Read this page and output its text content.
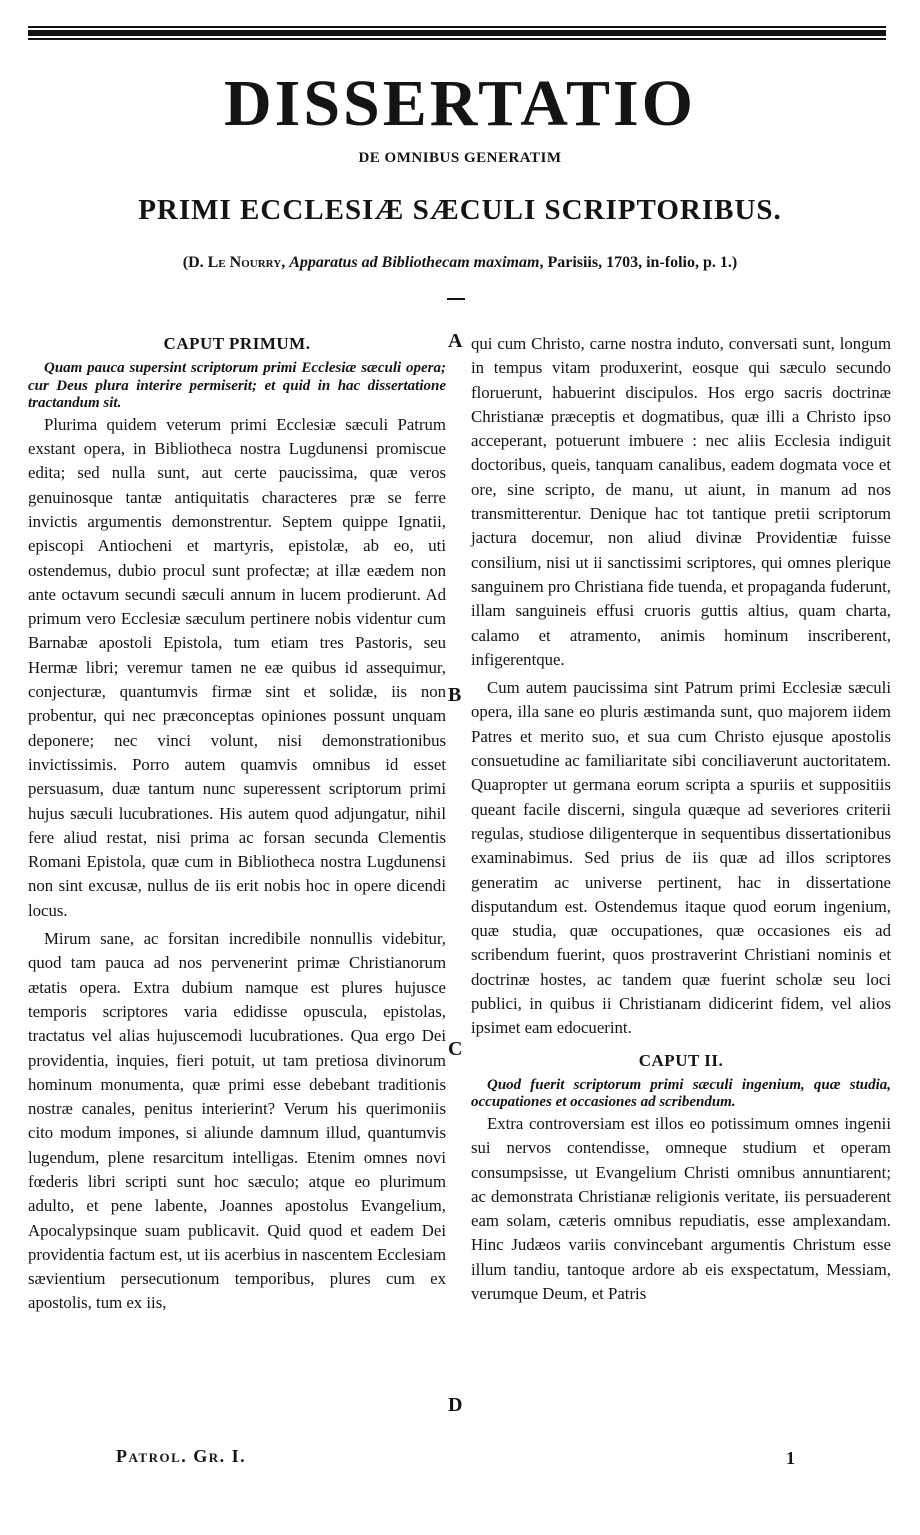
DISSERTATIO
DE OMNIBUS GENERATIM
PRIMI ECCLESIÆ SÆCULI SCRIPTORIBUS.
(D. Le Nourry, Apparatus ad Bibliothecam maximam, Parisiis, 1703, in-folio, p. 1.)
CAPUT PRIMUM.

Quam pauca supersint scriptorum primi Ecclesiæ sæculi opera; cur Deus plura interire permiserit; et quid in hac dissertatione tractandum sit.

Plurima quidem veterum primi Ecclesiæ sæculi Patrum exstant opera, in Bibliotheca nostra Lugdunensi promiscue edita; sed nulla sunt, aut certe paucissima, quæ veros genuinosque tantæ antiquitatis characteres præ se ferre invictis argumentis demonstrentur. Septem quippe Ignatii, episcopi Antiocheni et martyris, epistolæ, ab eo, uti ostendemus, dubio procul sunt profectæ; at illæ eædem non ante octavum secundi sæculi annum in lucem prodierunt. Ad primum vero Ecclesiæ sæculum pertinere nobis videntur cum Barnabæ apostoli Epistola, tum etiam tres Pastoris, seu Hermæ libri; veremur tamen ne eæ quibus id assequimur, conjecturæ, quantumvis firmæ sint et solidæ, iis non probentur, qui nec præconceptas opiniones possunt unquam deponere; nec vinci volunt, nisi demonstrationibus invictissimis. Porro autem quamvis omnibus id esset persuasum, duæ tantum nunc superessent scriptorum primi hujus sæculi lucubrationes. His autem quod adjungatur, nihil fere aliud restat, nisi prima ac forsan secunda Clementis Romani Epistola, quæ cum in Bibliotheca nostra Lugdunensi non sint excusæ, nullus de iis erit nobis hoc in opere dicendi locus.

Mirum sane, ac forsitan incredibile nonnullis videbitur, quod tam pauca ad nos pervenerint primæ Christianorum ætatis opera. Extra dubium namque est plures hujusce temporis scriptores varia edidisse opuscula, epistolas, tractatus vel alias hujuscemodi lucubrationes. Qua ergo Dei providentia, inquies, fieri potuit, ut tam pretiosa divinorum hominum monumenta, quæ primi esse debebant traditionis nostræ canales, penitus interierint? Verum his querimoniis cito modum impones, si aliunde damnum illud, quantumvis lugendum, plene resarcitum intelligas. Etenim omnes novi fœderis libri scripti sunt hoc sæculo; atque eo plurimum adulto, et pene labente, Joannes apostolus Evangelium, Apocalypsinque suam publicavit. Quid quod et eadem Dei providentia factum est, ut iis acerbius in nascentem Ecclesiam sævientium persecutionum temporibus, plures cum ex apostolis, tum ex iis,

A
B
C
D

qui cum Christo, carne nostra induto, conversati sunt, longum in tempus vitam produxerint, eosque qui sæculo secundo floruerunt, habuerint discipulos. Hos ergo sacris doctrinæ Christianæ præceptis et dogmatibus, quæ illi a Christo ipso acceperant, potuerunt imbuere : nec aliis Ecclesia indiguit doctoribus, queis, tanquam canalibus, eadem dogmata voce et ore, sine scripto, de manu, ut aiunt, in manum ad nos transmitterentur. Denique hac tot tantique pretii scriptorum jactura docemur, non aliud divinæ Providentiæ fuisse consilium, nisi ut ii sanctissimi scriptores, qui omnes plerique sanguinem pro Christiana fide tuenda, et propaganda fuderunt, illam sanguineis effusi cruoris guttis altius, quam charta, calamo et atramento, animis hominum inscriberent, infigerentque.

Cum autem paucissima sint Patrum primi Ecclesiæ sæculi opera, illa sane eo pluris æstimanda sunt, quo majorem iidem Patres et merito suo, et sua cum Christo ejusque apostolis consuetudine ac familiaritate sibi conciliaverunt auctoritatem. Quapropter ut germana eorum scripta a spuriis et suppositiis queant facile discerni, singula quæque ad severiores criterii regulas, studiose diligenterque in sequentibus dissertationibus examinabimus. Sed prius de iis quæ ad illos scriptores generatim ac universe pertinent, hac in dissertatione disputandum est. Ostendemus itaque quod eorum ingenium, quæ studia, quæ occupationes, quæ occasiones eis ad scribendum fuerint, quos prostraverint Christiani nominis et doctrinæ hostes, ac tandem quæ fuerint scholæ seu loci publici, in quibus ii Christianam didicerint fidem, vel alios ipsimet eam edocuerint.

CAPUT II.

Quod fuerit scriptorum primi sæculi ingenium, quæ studia, occupationes et occasiones ad scribendum.

Extra controversiam est illos eo potissimum omnes ingenii sui nervos contendisse, omneque studium et operam consumpsisse, ut Evangelium Christi omnibus annuntiarent; ac demonstrata Christianæ religionis veritate, iis persuaderent eam solam, cæteris omnibus repudiatis, esse amplexandam. Hinc Judæos variis convincebant argumentis Christum esse illum tandiu, tantoque ardore ab eis exspectatum, Messiam, verumque Deum, et Patris

Patrol. Gr. I.	1
